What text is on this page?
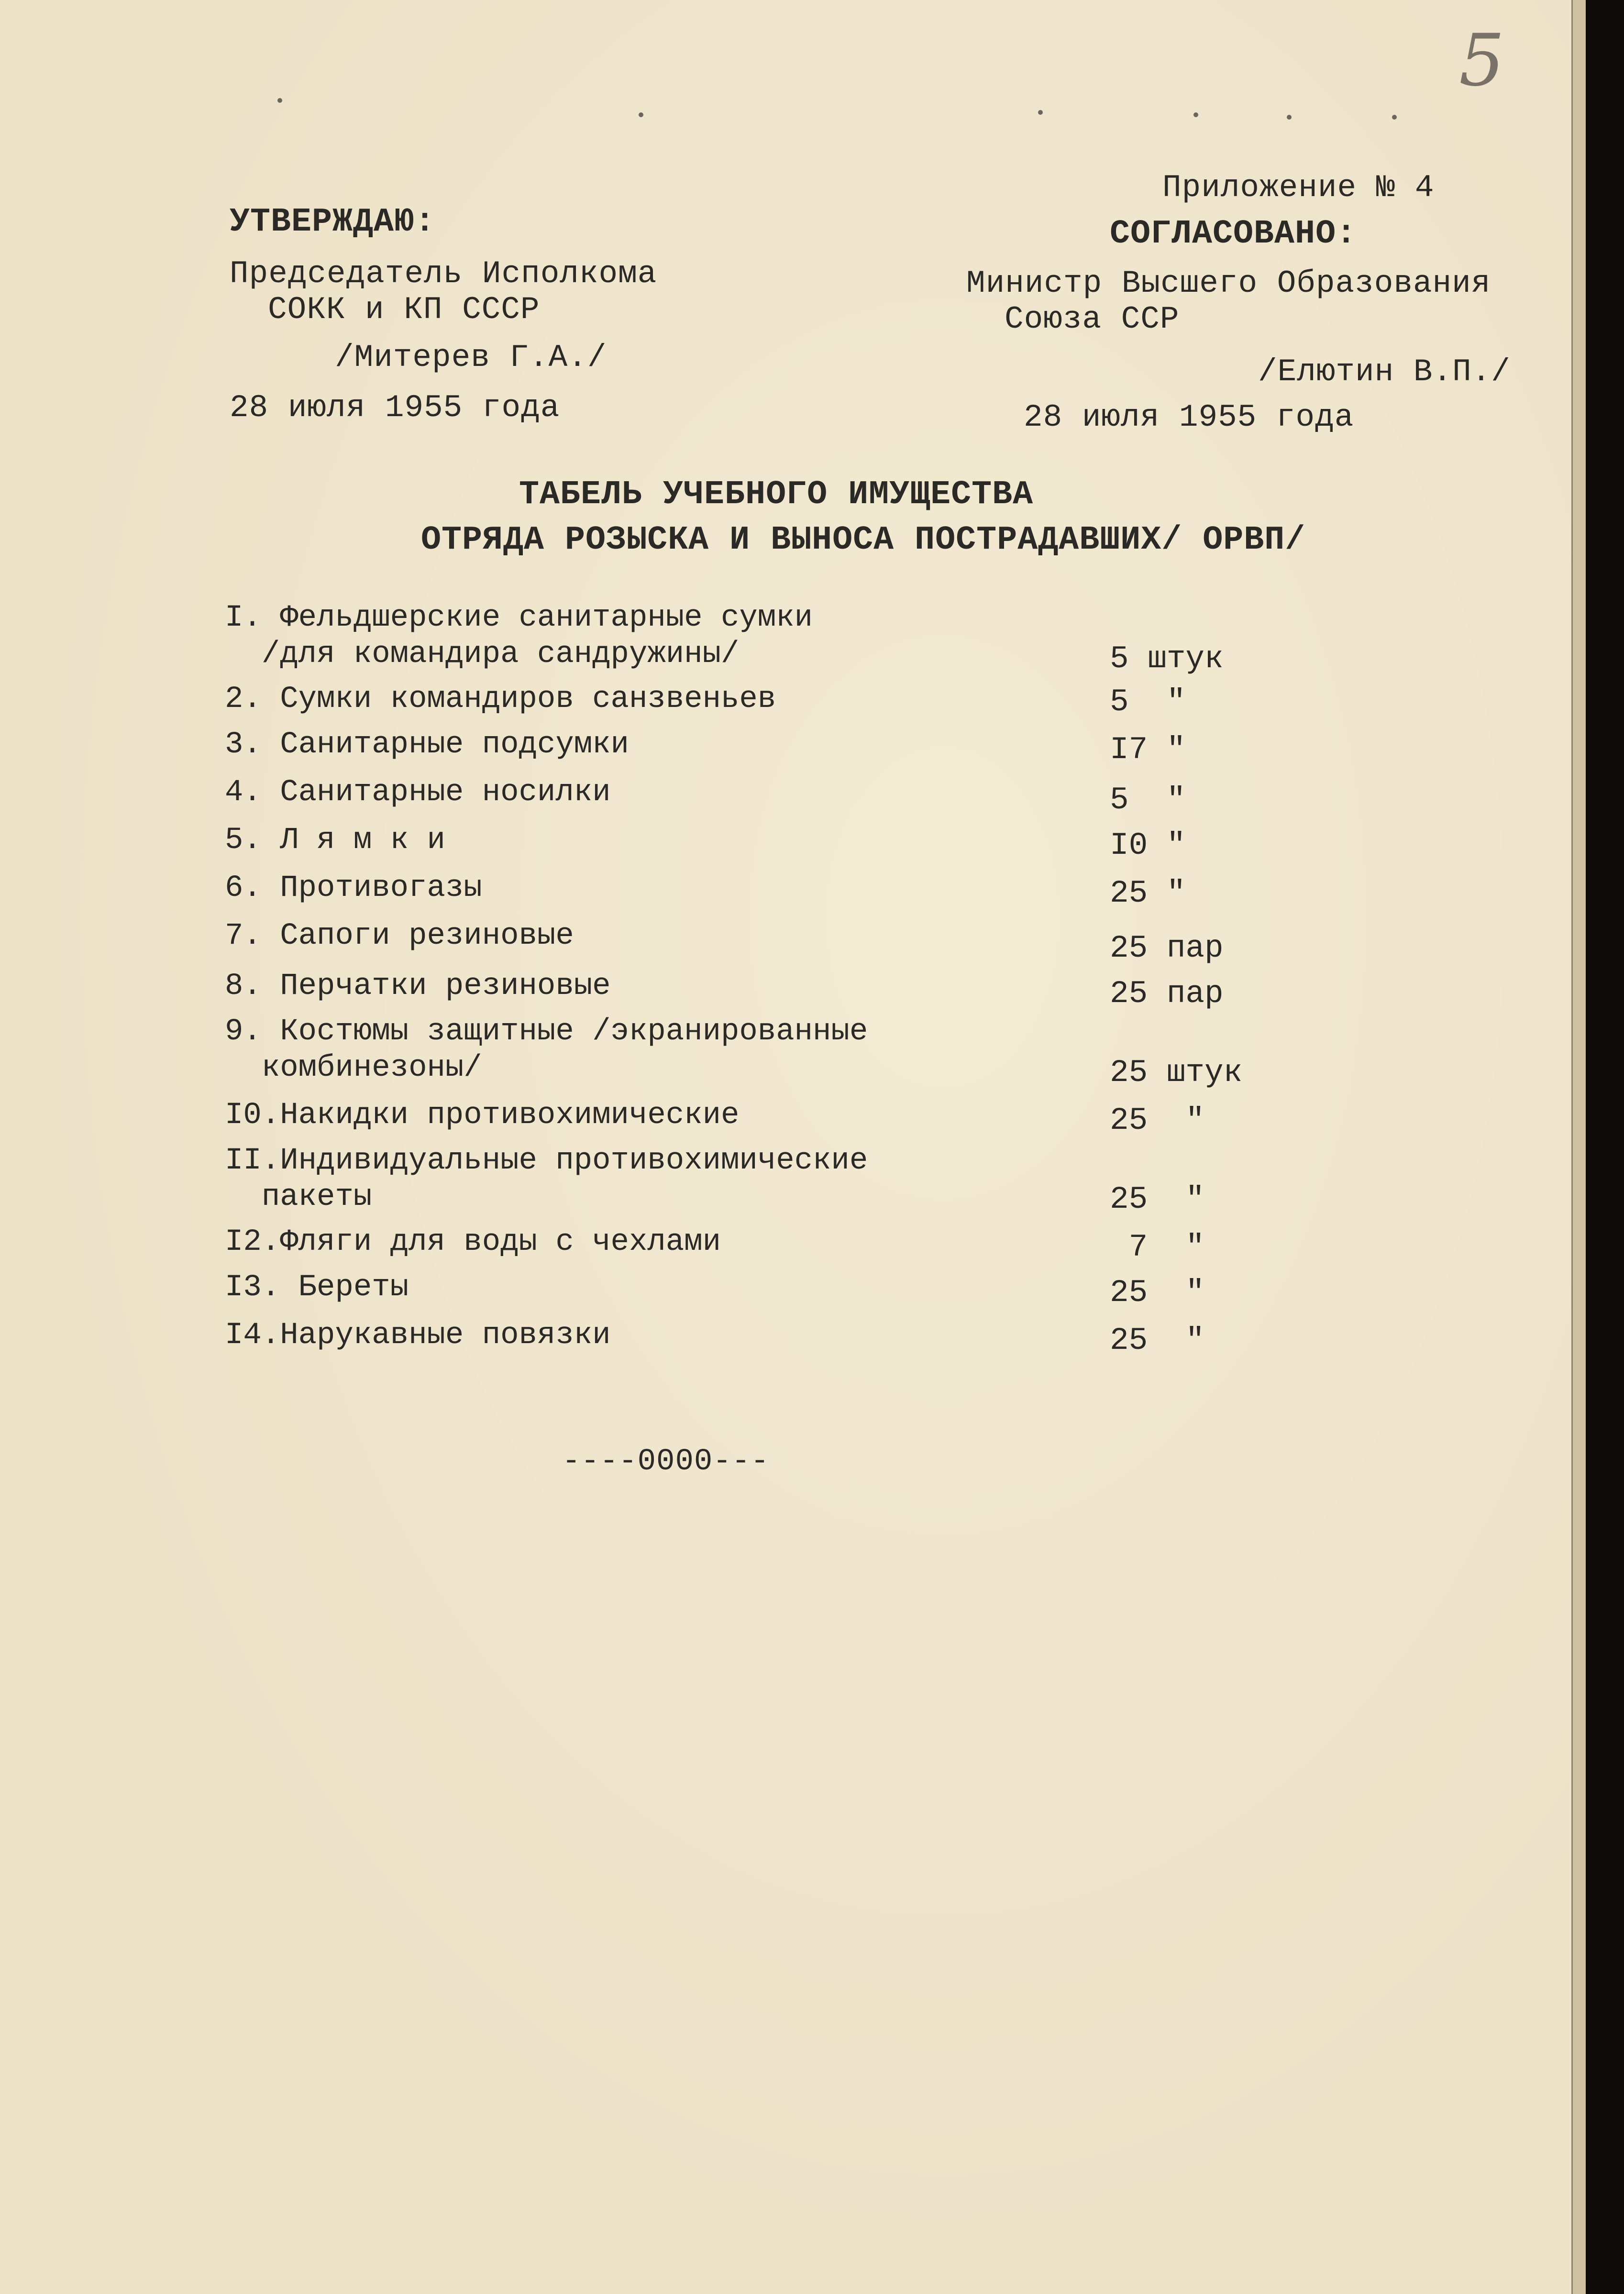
5
Приложение № 4
СОГЛАСОВАНО:
Министр Высшего Образования
Союза ССР
/Елютин В.П./
28 июля 1955 года
УТВЕРЖДАЮ:
Председатель Исполкома
СОКК и КП СССР
/Митерев Г.А./
28 июля 1955 года
ТАБЕЛЬ УЧЕБНОГО ИМУЩЕСТВА
ОТРЯДА РОЗЫСКА И ВЫНОСА ПОСТРАДАВШИХ/ ОРВП/
I. Фельдшерские санитарные сумки
/для командира сандружины/	5 штук
2. Сумки командиров санзвеньев	5 "
3. Санитарные подсумки	I7 "
4. Санитарные носилки	5 "
5. Л я м к и	I0 "
6. Противогазы	25 "
7. Сапоги резиновые	25 пар
8. Перчатки резиновые	25 пар
9. Костюмы защитные /экранированные
комбинезоны/	25 штук
I0.Накидки противохимические	25 "
II.Индивидуальные противохимические
пакеты	25 "
I2.Фляги для воды с чехлами	7 "
I3. Береты	25 "
I4.Нарукавные повязки	25 "
----0000---
